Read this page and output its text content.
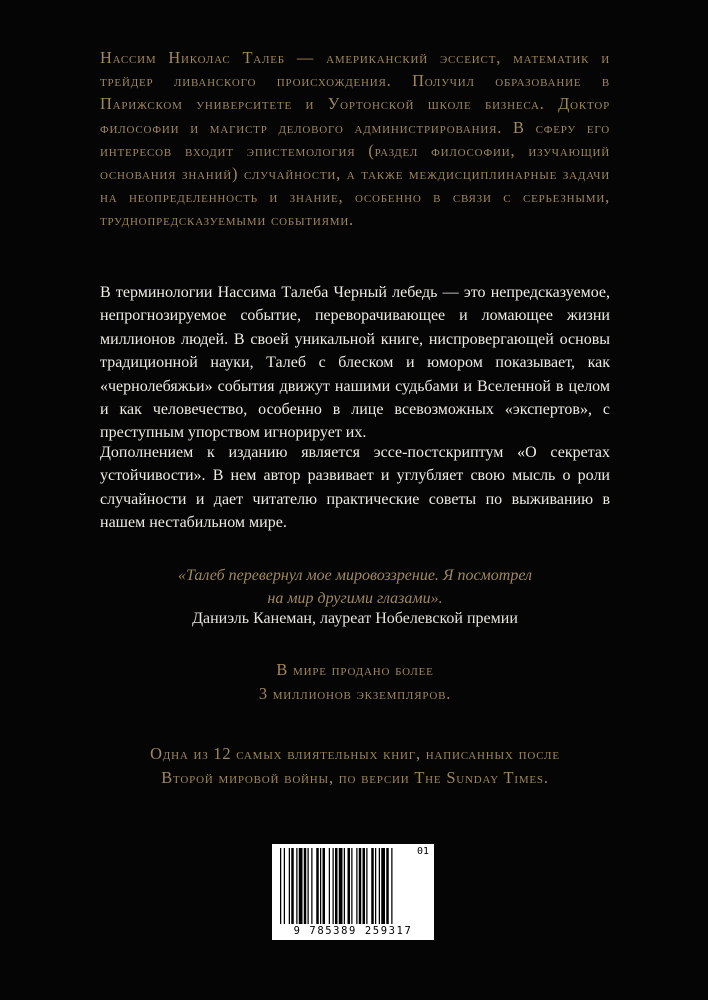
Нассим Николас Талеб — американский эссеист, математик и трейдер ливанского происхождения. Получил образование в Парижском университете и Уортонской школе бизнеса. Доктор философии и магистр делового администрирования. В сферу его интересов входит эпистемология (раздел философии, изучающий основания знаний) случайности, а также междисциплинарные задачи на неопределенность и знание, особенно в связи с серьезными, труднопредсказуемыми событиями.

В терминологии Нассима Талеба Черный лебедь — это непредсказуемое, непрогнозируемое событие, переворачивающее и ломающее жизни миллионов людей. В своей уникальной книге, ниспровергающей основы традиционной науки, Талеб с блеском и юмором показывает, как «чернолебяжьи» события движут нашими судьбами и Вселенной в целом и как человечество, особенно в лице всевозможных «экспертов», с преступным упорством игнорирует их.

Дополнением к изданию является эссе-постскриптум «О секретах устойчивости». В нем автор развивает и углубляет свою мысль о роли случайности и дает читателю практические советы по выживанию в нашем нестабильном мире.

«Талеб перевернул мое мировоззрение. Я посмотрел
на мир другими глазами».

Даниэль Канеман, лауреат Нобелевской премии

В мире продано более
3 миллионов экземпляров.

Одна из 12 самых влиятельных книг, написанных после
Второй мировой войны, по версии The Sunday Times.

01
9 785389 259317
